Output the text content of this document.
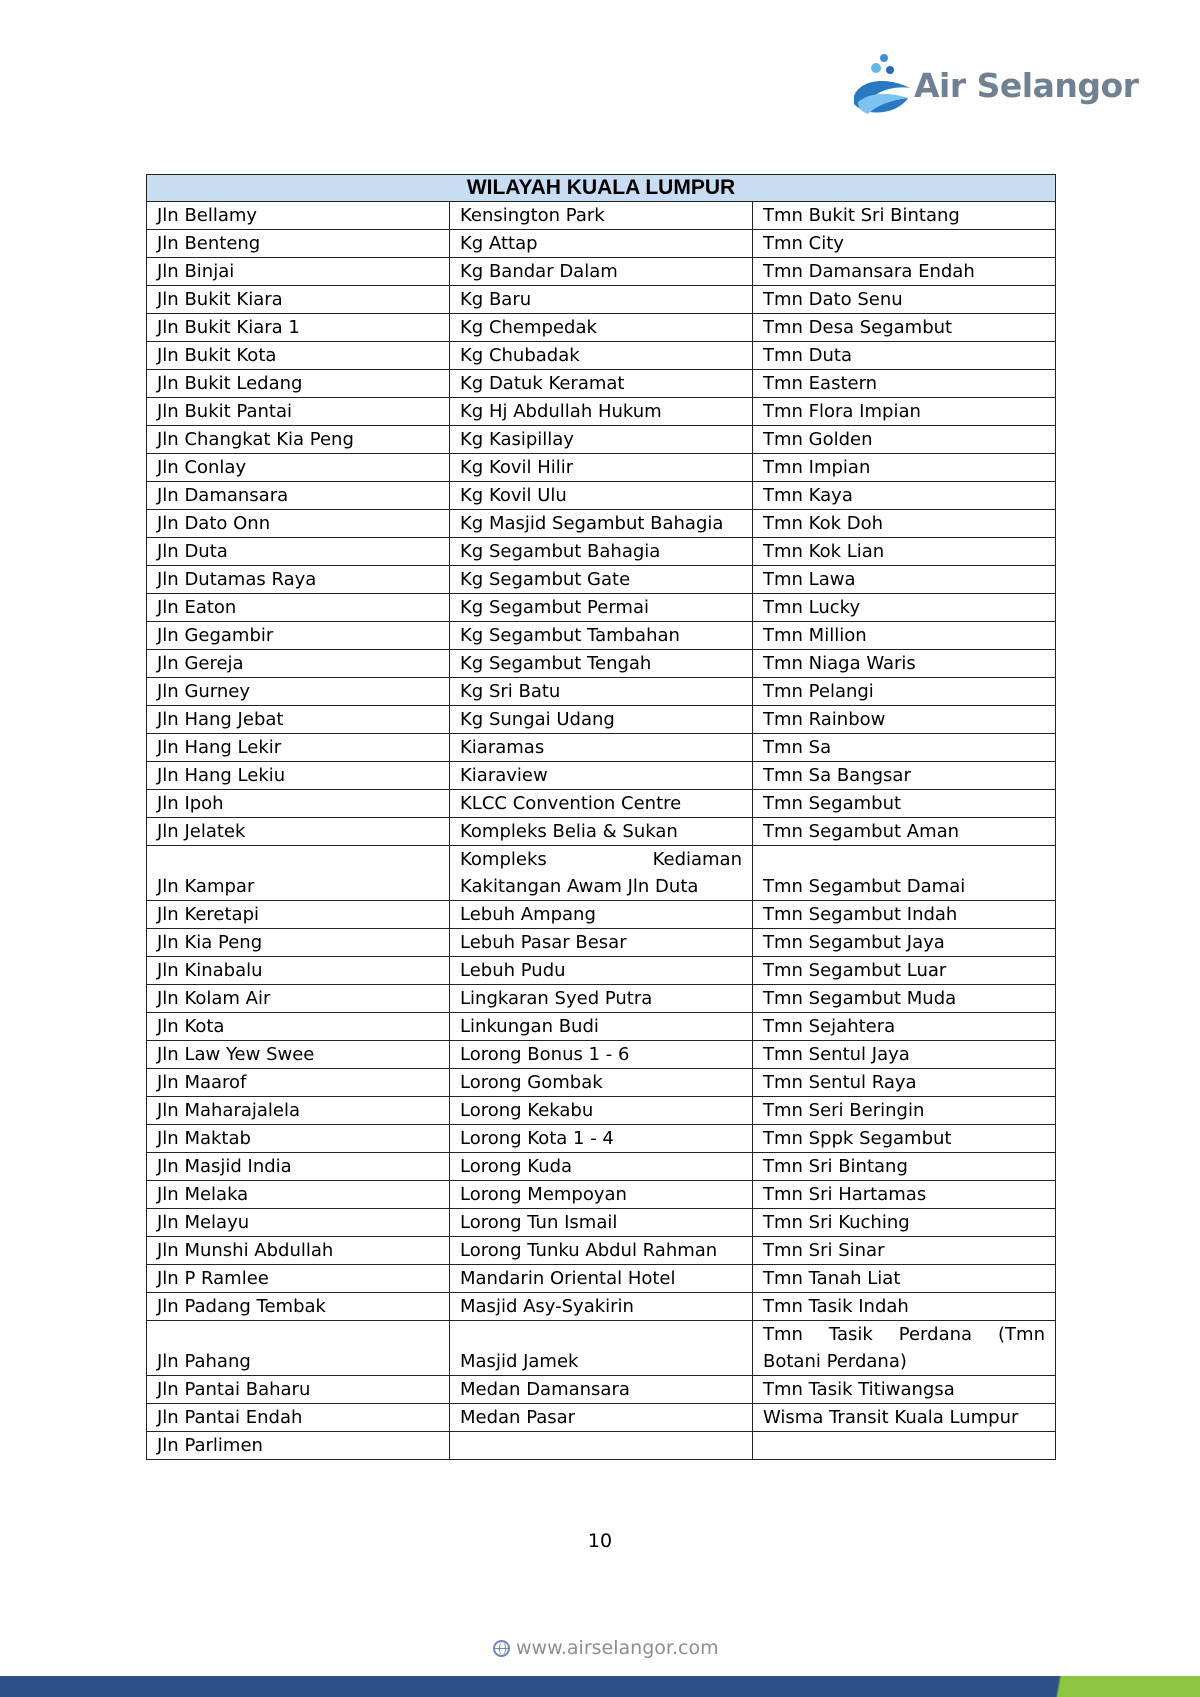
Air Selangor
WILAYAH KUALA LUMPUR		
Jln Bellamy	Kensington Park	Tmn Bukit Sri Bintang
Jln Benteng	Kg Attap	Tmn City
Jln Binjai	Kg Bandar Dalam	Tmn Damansara Endah
Jln Bukit Kiara	Kg Baru	Tmn Dato Senu
Jln Bukit Kiara 1	Kg Chempedak	Tmn Desa Segambut
Jln Bukit Kota	Kg Chubadak	Tmn Duta
Jln Bukit Ledang	Kg Datuk Keramat	Tmn Eastern
Jln Bukit Pantai	Kg Hj Abdullah Hukum	Tmn Flora Impian
Jln Changkat Kia Peng	Kg Kasipillay	Tmn Golden
Jln Conlay	Kg Kovil Hilir	Tmn Impian
Jln Damansara	Kg Kovil Ulu	Tmn Kaya
Jln Dato Onn	Kg Masjid Segambut Bahagia	Tmn Kok Doh
Jln Duta	Kg Segambut Bahagia	Tmn Kok Lian
Jln Dutamas Raya	Kg Segambut Gate	Tmn Lawa
Jln Eaton	Kg Segambut Permai	Tmn Lucky
Jln Gegambir	Kg Segambut Tambahan	Tmn Million
Jln Gereja	Kg Segambut Tengah	Tmn Niaga Waris
Jln Gurney	Kg Sri Batu	Tmn Pelangi
Jln Hang Jebat	Kg Sungai Udang	Tmn Rainbow
Jln Hang Lekir	Kiaramas	Tmn Sa
Jln Hang Lekiu	Kiaraview	Tmn Sa Bangsar
Jln Ipoh	KLCC Convention Centre	Tmn Segambut
Jln Jelatek	Kompleks Belia & Sukan	Tmn Segambut Aman
Jln Kampar	Kompleks Kediaman Kakitangan Awam Jln Duta	Tmn Segambut Damai
Jln Keretapi	Lebuh Ampang	Tmn Segambut Indah
Jln Kia Peng	Lebuh Pasar Besar	Tmn Segambut Jaya
Jln Kinabalu	Lebuh Pudu	Tmn Segambut Luar
Jln Kolam Air	Lingkaran Syed Putra	Tmn Segambut Muda
Jln Kota	Linkungan Budi	Tmn Sejahtera
Jln Law Yew Swee	Lorong Bonus 1 - 6	Tmn Sentul Jaya
Jln Maarof	Lorong Gombak	Tmn Sentul Raya
Jln Maharajalela	Lorong Kekabu	Tmn Seri Beringin
Jln Maktab	Lorong Kota 1 - 4	Tmn Sppk Segambut
Jln Masjid India	Lorong Kuda	Tmn Sri Bintang
Jln Melaka	Lorong Mempoyan	Tmn Sri Hartamas
Jln Melayu	Lorong Tun Ismail	Tmn Sri Kuching
Jln Munshi Abdullah	Lorong Tunku Abdul Rahman	Tmn Sri Sinar
Jln P Ramlee	Mandarin Oriental Hotel	Tmn Tanah Liat
Jln Padang Tembak	Masjid Asy-Syakirin	Tmn Tasik Indah
Jln Pahang	Masjid Jamek	Tmn Tasik Perdana (Tmn Botani Perdana)
Jln Pantai Baharu	Medan Damansara	Tmn Tasik Titiwangsa
Jln Pantai Endah	Medan Pasar	Wisma Transit Kuala Lumpur
Jln Parlimen		
10
www.airselangor.com
